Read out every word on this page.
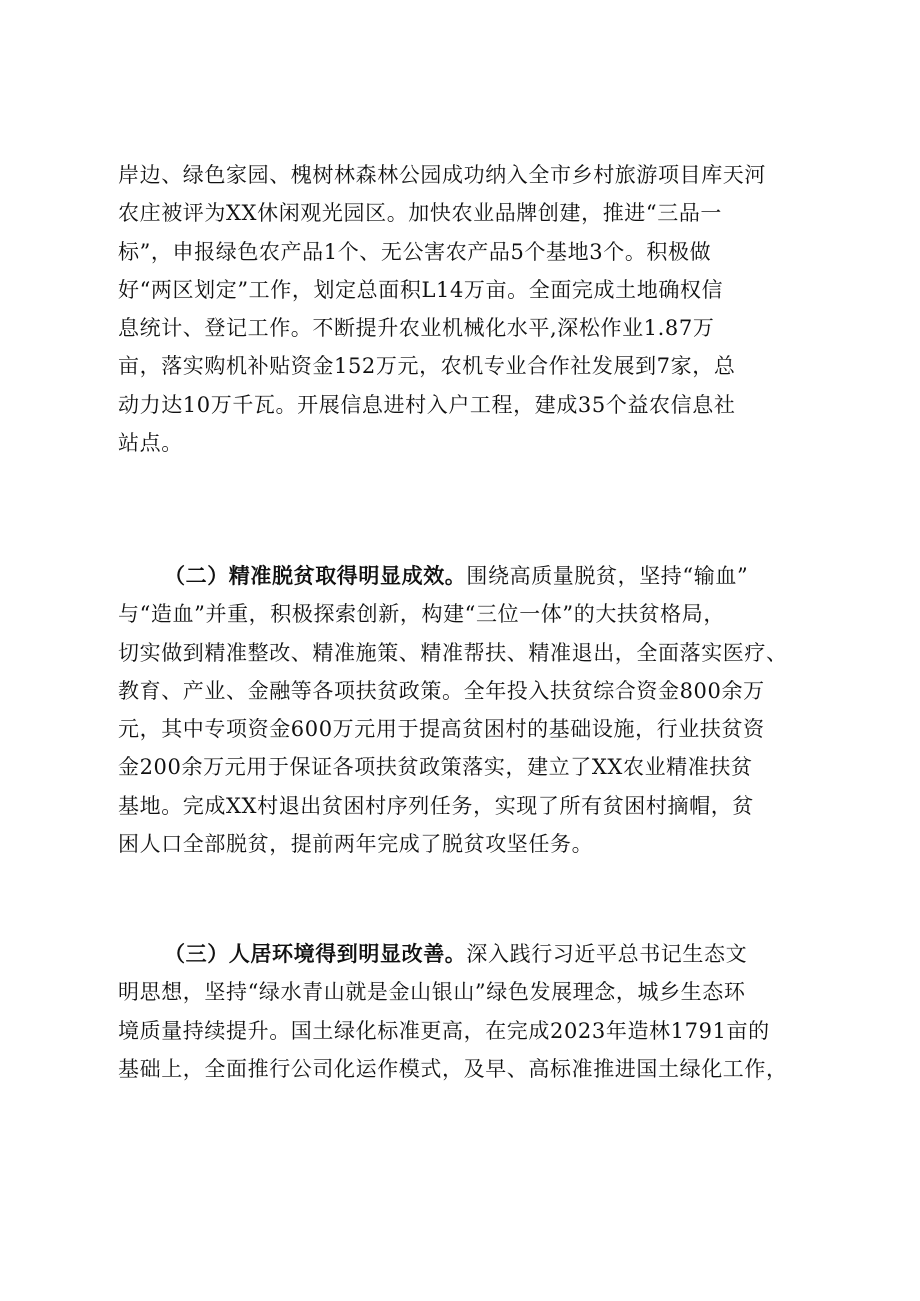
岸边、绿色家园、槐树林森林公园成功纳入全市乡村旅游项目库天河
农庄被评为XX休闲观光园区。加快农业品牌创建，推进“三品一
标”，申报绿色农产品1个、无公害农产品5个基地3个。积极做
好“两区划定”工作，划定总面积L14万亩。全面完成土地确权信
息统计、登记工作。不断提升农业机械化水平,深松作业1.87万
亩，落实购机补贴资金152万元，农机专业合作社发展到7家，总
动力达10万千瓦。开展信息进村入户工程，建成35个益农信息社
站点。
（二）精准脱贫取得明显成效。围绕高质量脱贫，坚持“输血”
与“造血”并重，积极探索创新，构建“三位一体”的大扶贫格局，
切实做到精准整改、精准施策、精准帮扶、精准退出，全面落实医疗、
教育、产业、金融等各项扶贫政策。全年投入扶贫综合资金800余万
元，其中专项资金600万元用于提高贫困村的基础设施，行业扶贫资
金200余万元用于保证各项扶贫政策落实，建立了XX农业精准扶贫
基地。完成XX村退出贫困村序列任务，实现了所有贫困村摘帽，贫
困人口全部脱贫，提前两年完成了脱贫攻坚任务。
（三）人居环境得到明显改善。深入践行习近平总书记生态文
明思想，坚持“绿水青山就是金山银山”绿色发展理念，城乡生态环
境质量持续提升。国土绿化标准更高，在完成2023年造林1791亩的
基础上，全面推行公司化运作模式，及早、高标准推进国土绿化工作，
